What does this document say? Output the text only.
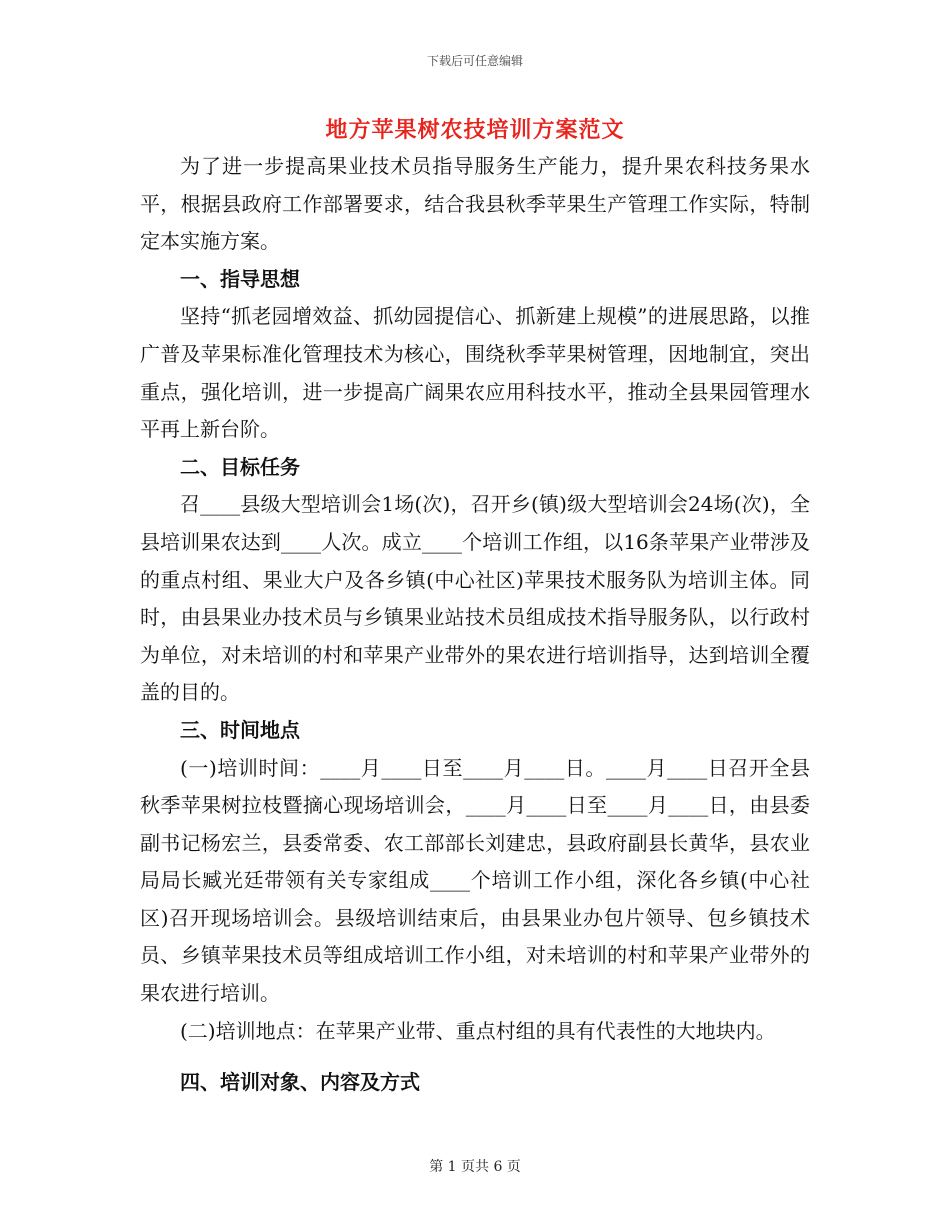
下载后可任意编辑
地方苹果树农技培训方案范文

为了进一步提高果业技术员指导服务生产能力，提升果农科技务果水平，根据县政府工作部署要求，结合我县秋季苹果生产管理工作实际，特制定本实施方案。

一、指导思想

坚持“抓老园增效益、抓幼园提信心、抓新建上规模”的进展思路，以推广普及苹果标准化管理技术为核心，围绕秋季苹果树管理，因地制宜，突出重点，强化培训，进一步提高广阔果农应用科技水平，推动全县果园管理水平再上新台阶。

二、目标任务

召____县级大型培训会1场(次)，召开乡(镇)级大型培训会24场(次)，全县培训果农达到____人次。成立____个培训工作组，以16条苹果产业带涉及的重点村组、果业大户及各乡镇(中心社区)苹果技术服务队为培训主体。同时，由县果业办技术员与乡镇果业站技术员组成技术指导服务队，以行政村为单位，对未培训的村和苹果产业带外的果农进行培训指导，达到培训全覆盖的目的。

三、时间地点

(一)培训时间：____月____日至____月____日。____月____日召开全县秋季苹果树拉枝暨摘心现场培训会，____月____日至____月____日，由县委副书记杨宏兰，县委常委、农工部部长刘建忠，县政府副县长黄华，县农业局局长臧光廷带领有关专家组成____个培训工作小组，深化各乡镇(中心社区)召开现场培训会。县级培训结束后，由县果业办包片领导、包乡镇技术员、乡镇苹果技术员等组成培训工作小组，对未培训的村和苹果产业带外的果农进行培训。

(二)培训地点：在苹果产业带、重点村组的具有代表性的大地块内。

四、培训对象、内容及方式

第 1 页共 6 页
